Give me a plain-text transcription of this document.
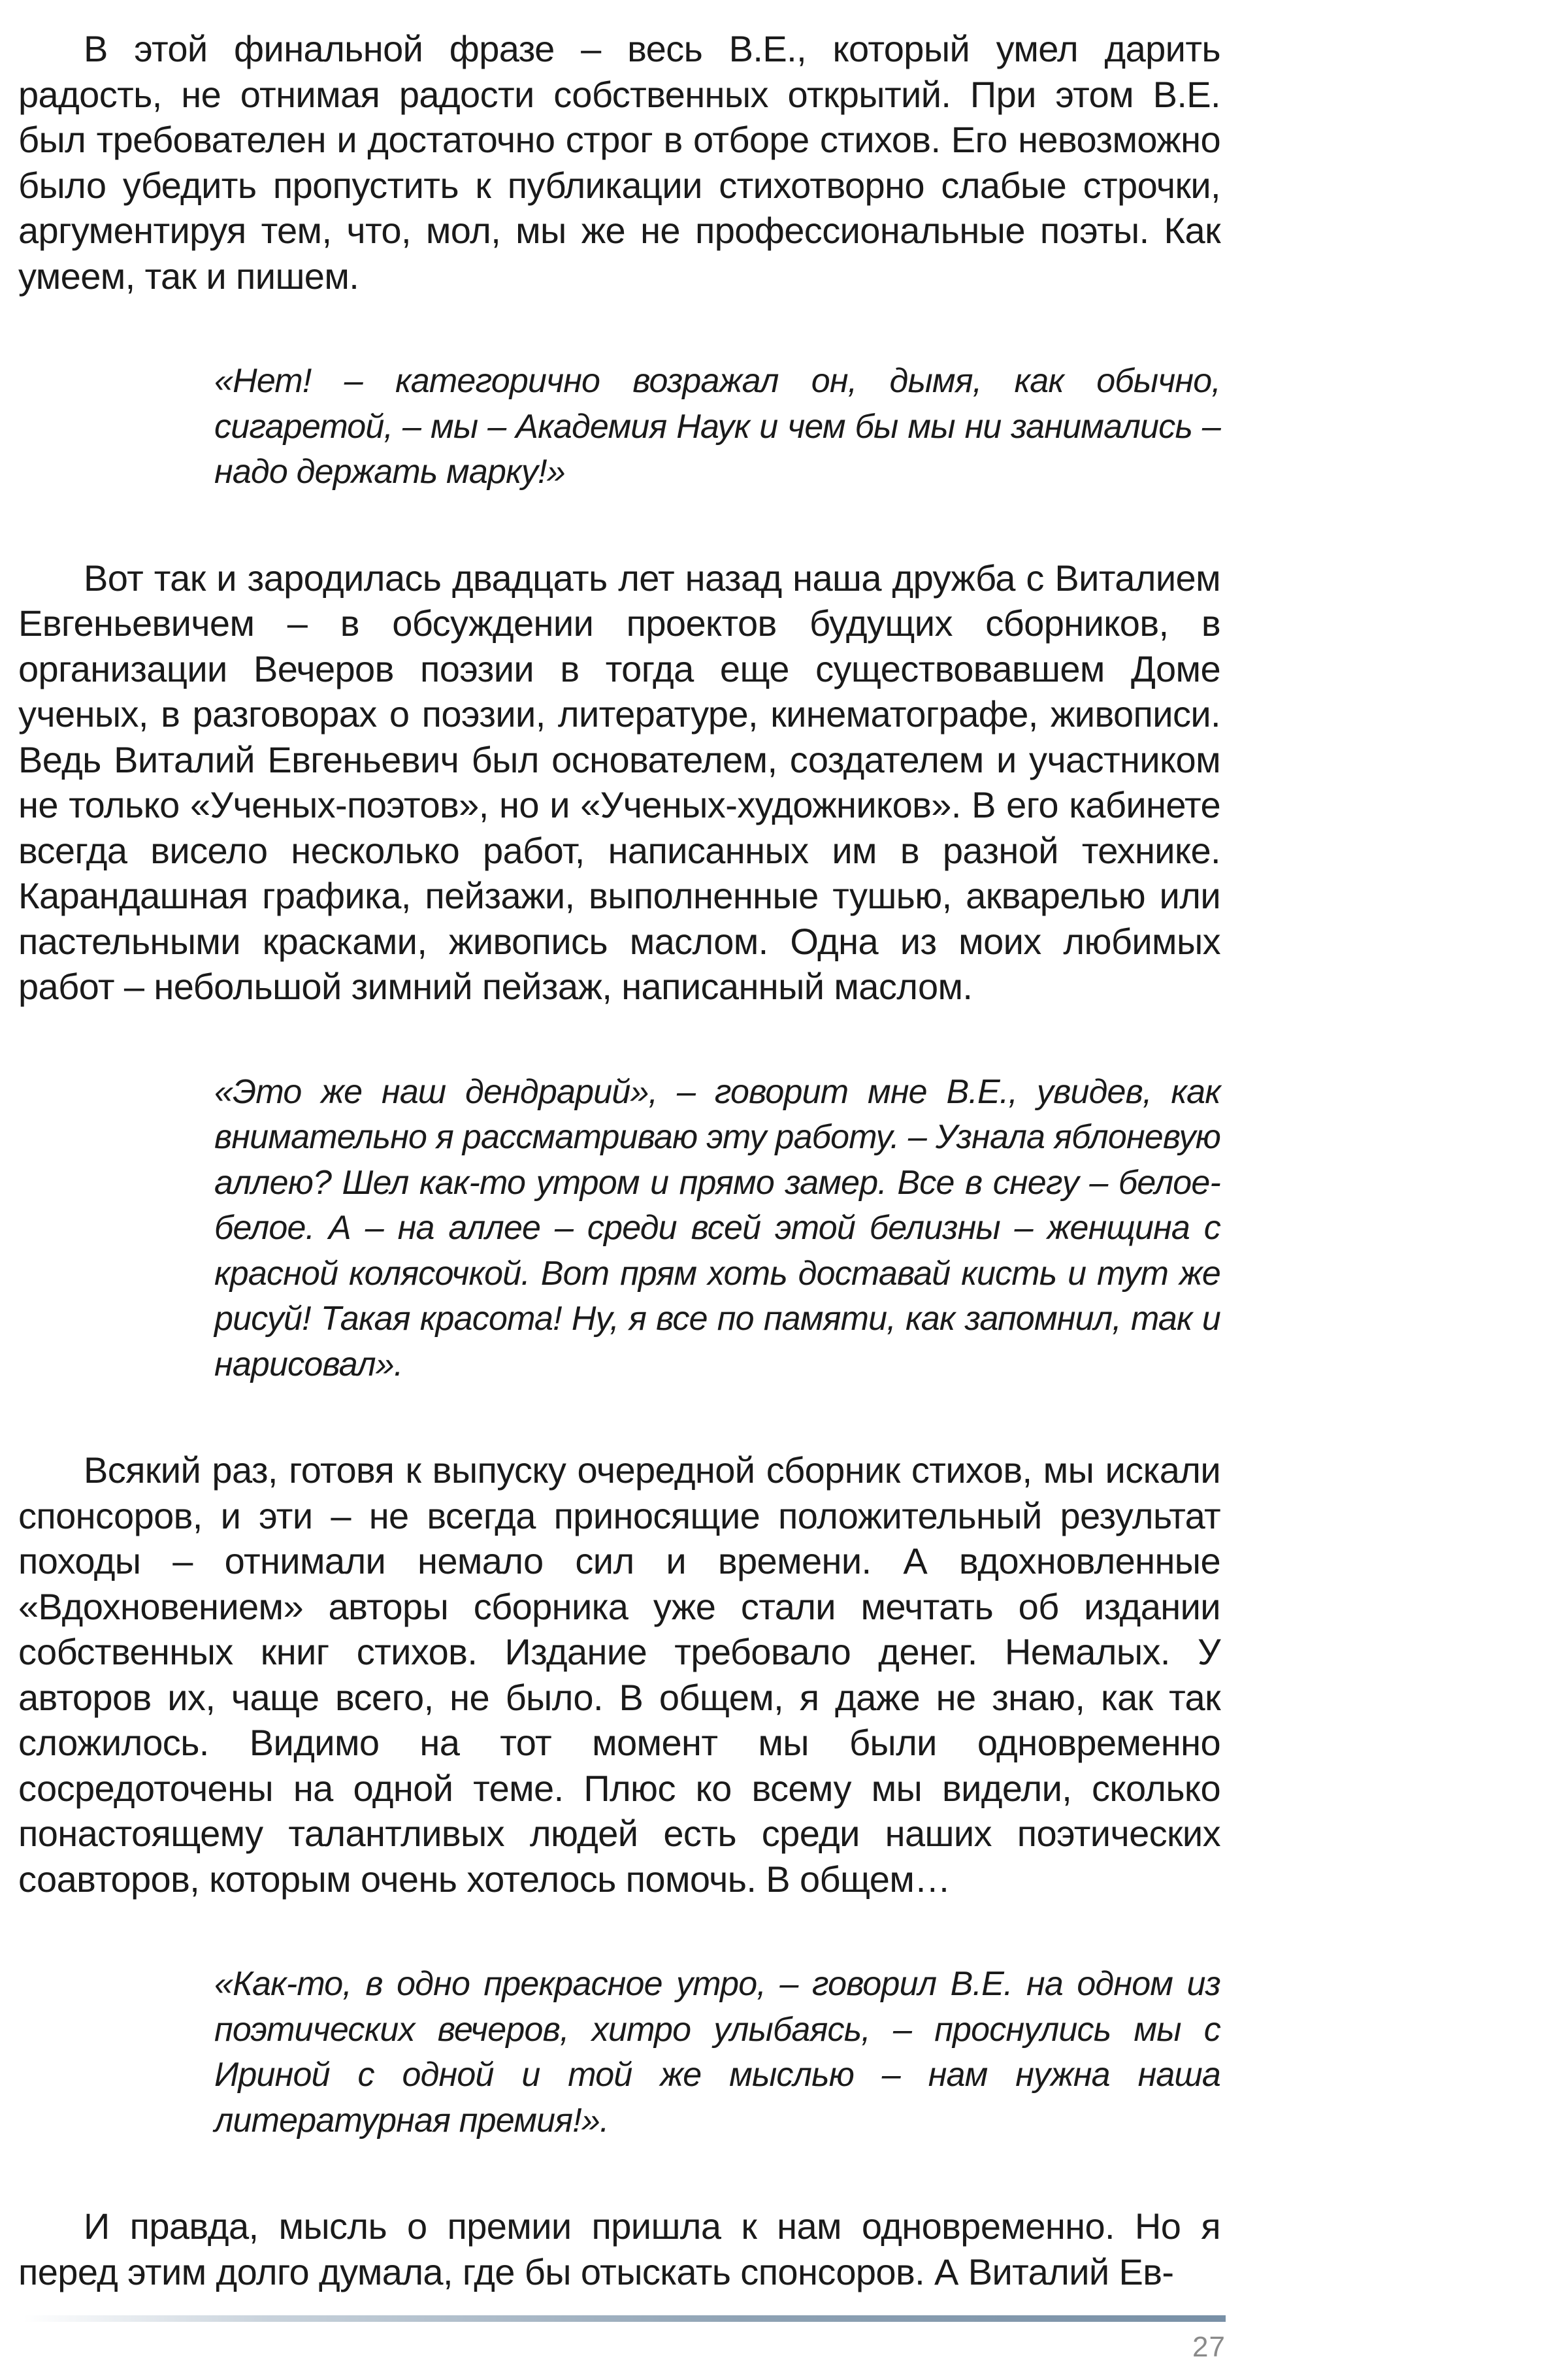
В этой финальной фразе – весь В.Е., который умел дарить радость, не отнимая радости собственных открытий. При этом В.Е. был требователен и достаточно строг в отборе стихов. Его невозможно было убедить пропустить к публикации стихотворно слабые строчки, аргументируя тем, что, мол, мы же не профессиональные поэты. Как умеем, так и пишем.

«Нет! – категорично возражал он, дымя, как обычно, сигаретой, – мы – Академия Наук и чем бы мы ни занимались – надо держать марку!»

Вот так и зародилась двадцать лет назад наша дружба с Виталием Евгеньевичем – в обсуждении проектов будущих сборников, в организации Вечеров поэзии в тогда еще существовавшем Доме ученых, в разговорах о поэзии, литературе, кинематографе, живописи. Ведь Виталий Евгеньевич был основателем, создателем и участником не только «Ученых-поэтов», но и «Ученых-художников». В его кабинете всегда висело несколько работ, написанных им в разной технике. Карандашная графика, пейзажи, выполненные тушью, акварелью или пастельными красками, живопись маслом. Одна из моих любимых работ – небольшой зимний пейзаж, написанный маслом.

«Это же наш дендрарий», – говорит мне В.Е., увидев, как внимательно я рассматриваю эту работу. – Узнала яблоневую аллею? Шел как-то утром и прямо замер. Все в снегу – белое-белое. А – на аллее – среди всей этой белизны – женщина с красной колясочкой. Вот прям хоть доставай кисть и тут же рисуй! Такая красота! Ну, я все по памяти, как запомнил, так и нарисовал».

Всякий раз, готовя к выпуску очередной сборник стихов, мы искали спонсоров, и эти – не всегда приносящие положительный результат походы – отнимали немало сил и времени. А вдохновленные «Вдохновением» авторы сборника уже стали мечтать об издании собственных книг стихов. Издание требовало денег. Немалых. У авторов их, чаще всего, не было. В общем, я даже не знаю, как так сложилось. Видимо на тот момент мы были одновременно сосредоточены на одной теме. Плюс ко всему мы видели, сколько понастоящему талантливых людей есть среди наших поэтических соавторов, которым очень хотелось помочь. В общем…

«Как-то, в одно прекрасное утро, – говорил В.Е. на одном из поэтических вечеров, хитро улыбаясь, – проснулись мы с Ириной с одной и той же мыслью – нам нужна наша литературная премия!».

И правда, мысль о премии пришла к нам одновременно. Но я перед этим долго думала, где бы отыскать спонсоров. А Виталий Ев-

27
